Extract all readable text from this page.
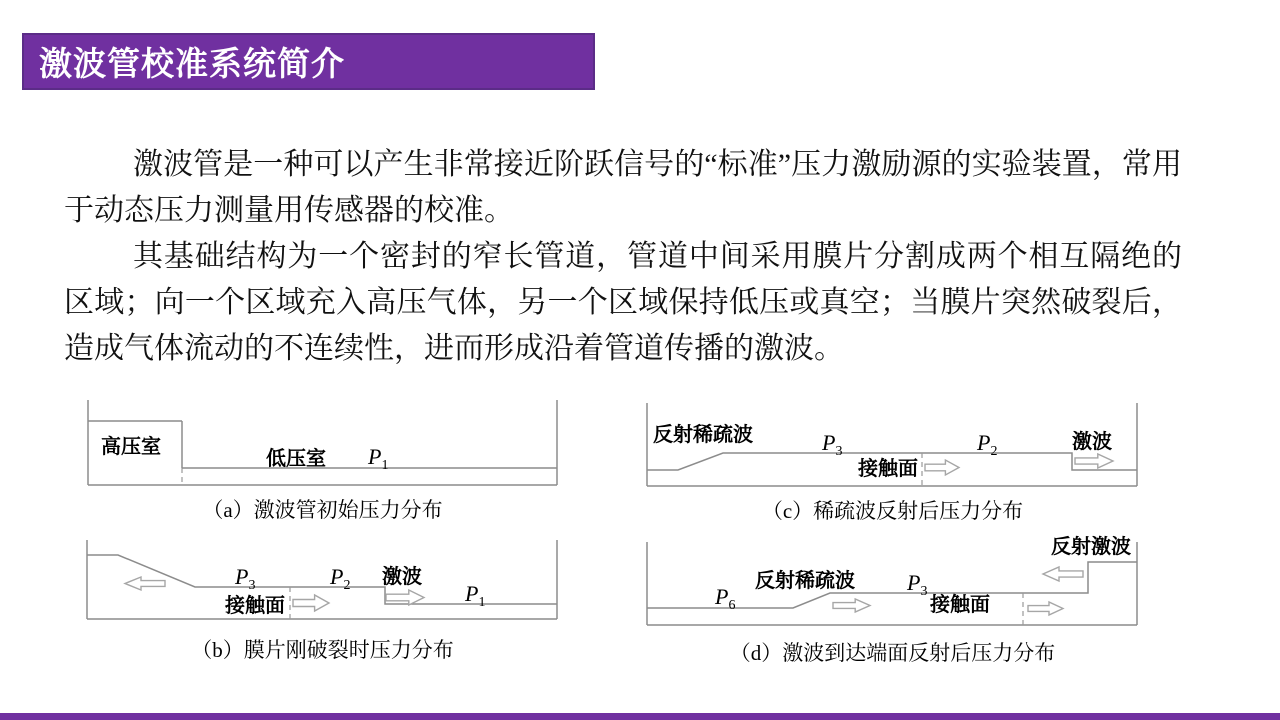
激波管校准系统简介

激波管是一种可以产生非常接近阶跃信号的“标准”压力激励源的实验装置，常用于动态压力测量用传感器的校准。

其基础结构为一个密封的窄长管道，管道中间采用膜片分割成两个相互隔绝的区域；向一个区域充入高压气体，另一个区域保持低压或真空；当膜片突然破裂后，造成气体流动的不连续性，进而形成沿着管道传播的激波。

高压室
低压室 P1
（a）激波管初始压力分布
P3	P2	P1
激波
接触面
（b）膜片刚破裂时压力分布
反射稀疏波	P3	P2
接触面
激波
（c）稀疏波反射后压力分布
P6
反射稀疏波 P3
接触面
反射激波
（d）激波到达端面反射后压力分布
